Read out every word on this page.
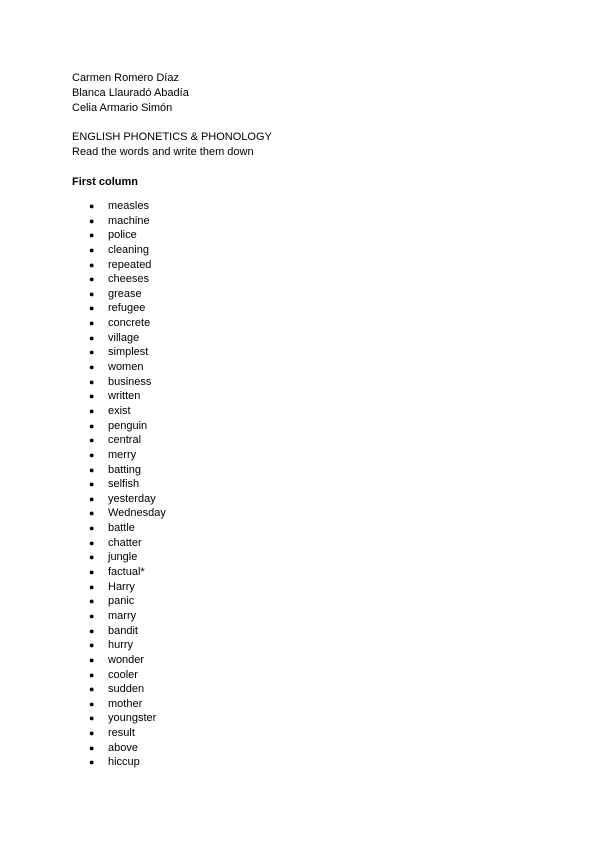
Carmen Romero Díaz
Blanca Llauradó Abadía
Celia Armario Simón
ENGLISH PHONETICS & PHONOLOGY
Read the words and write them down
First column
● measles
● machine
● police
● cleaning
● repeated
● cheeses
● grease
● refugee
● concrete
● village
● simplest
● women
● business
● written
● exist
● penguin
● central
● merry
● batting
● selfish
● yesterday
● Wednesday
● battle
● chatter
● jungle
● factual*
● Harry
● panic
● marry
● bandit
● hurry
● wonder
● cooler
● sudden
● mother
● youngster
● result
● above
● hiccup
